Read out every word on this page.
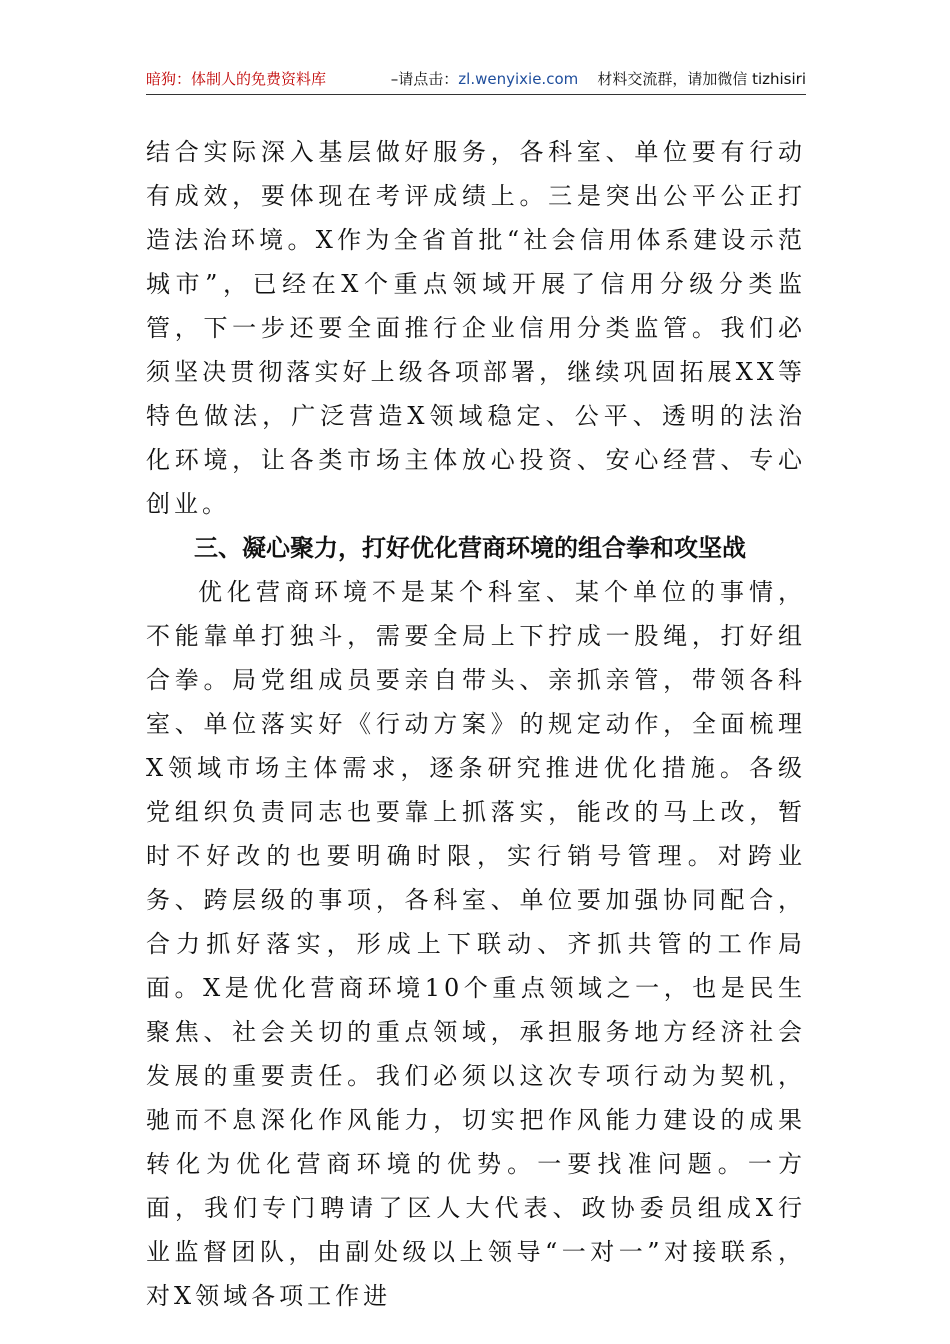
暗狗：体制人的免费资料库	–请点击：zl.wenyixie.com 材料交流群，请加微信 tizhisiri

结合实际深入基层做好服务，各科室、单位要有行动有成效，要体现在考评成绩上。三是突出公平公正打造法治环境。X作为全省首批“社会信用体系建设示范城市”，已经在X个重点领域开展了信用分级分类监管，下一步还要全面推行企业信用分类监管。我们必须坚决贯彻落实好上级各项部署，继续巩固拓展XX等特色做法，广泛营造X领域稳定、公平、透明的法治化环境，让各类市场主体放心投资、安心经营、专心创业。

三、凝心聚力，打好优化营商环境的组合拳和攻坚战

优化营商环境不是某个科室、某个单位的事情，不能靠单打独斗，需要全局上下拧成一股绳，打好组合拳。局党组成员要亲自带头、亲抓亲管，带领各科室、单位落实好《行动方案》的规定动作，全面梳理X领域市场主体需求，逐条研究推进优化措施。各级党组织负责同志也要靠上抓落实，能改的马上改，暂时不好改的也要明确时限，实行销号管理。对跨业务、跨层级的事项，各科室、单位要加强协同配合，合力抓好落实，形成上下联动、齐抓共管的工作局面。X是优化营商环境10个重点领域之一，也是民生聚焦、社会关切的重点领域，承担服务地方经济社会发展的重要责任。我们必须以这次专项行动为契机，驰而不息深化作风能力，切实把作风能力建设的成果转化为优化营商环境的优势。一要找准问题。一方面，我们专门聘请了区人大代表、政协委员组成X行业监督团队，由副处级以上领导“一对一”对接联系，对X领域各项工作进
